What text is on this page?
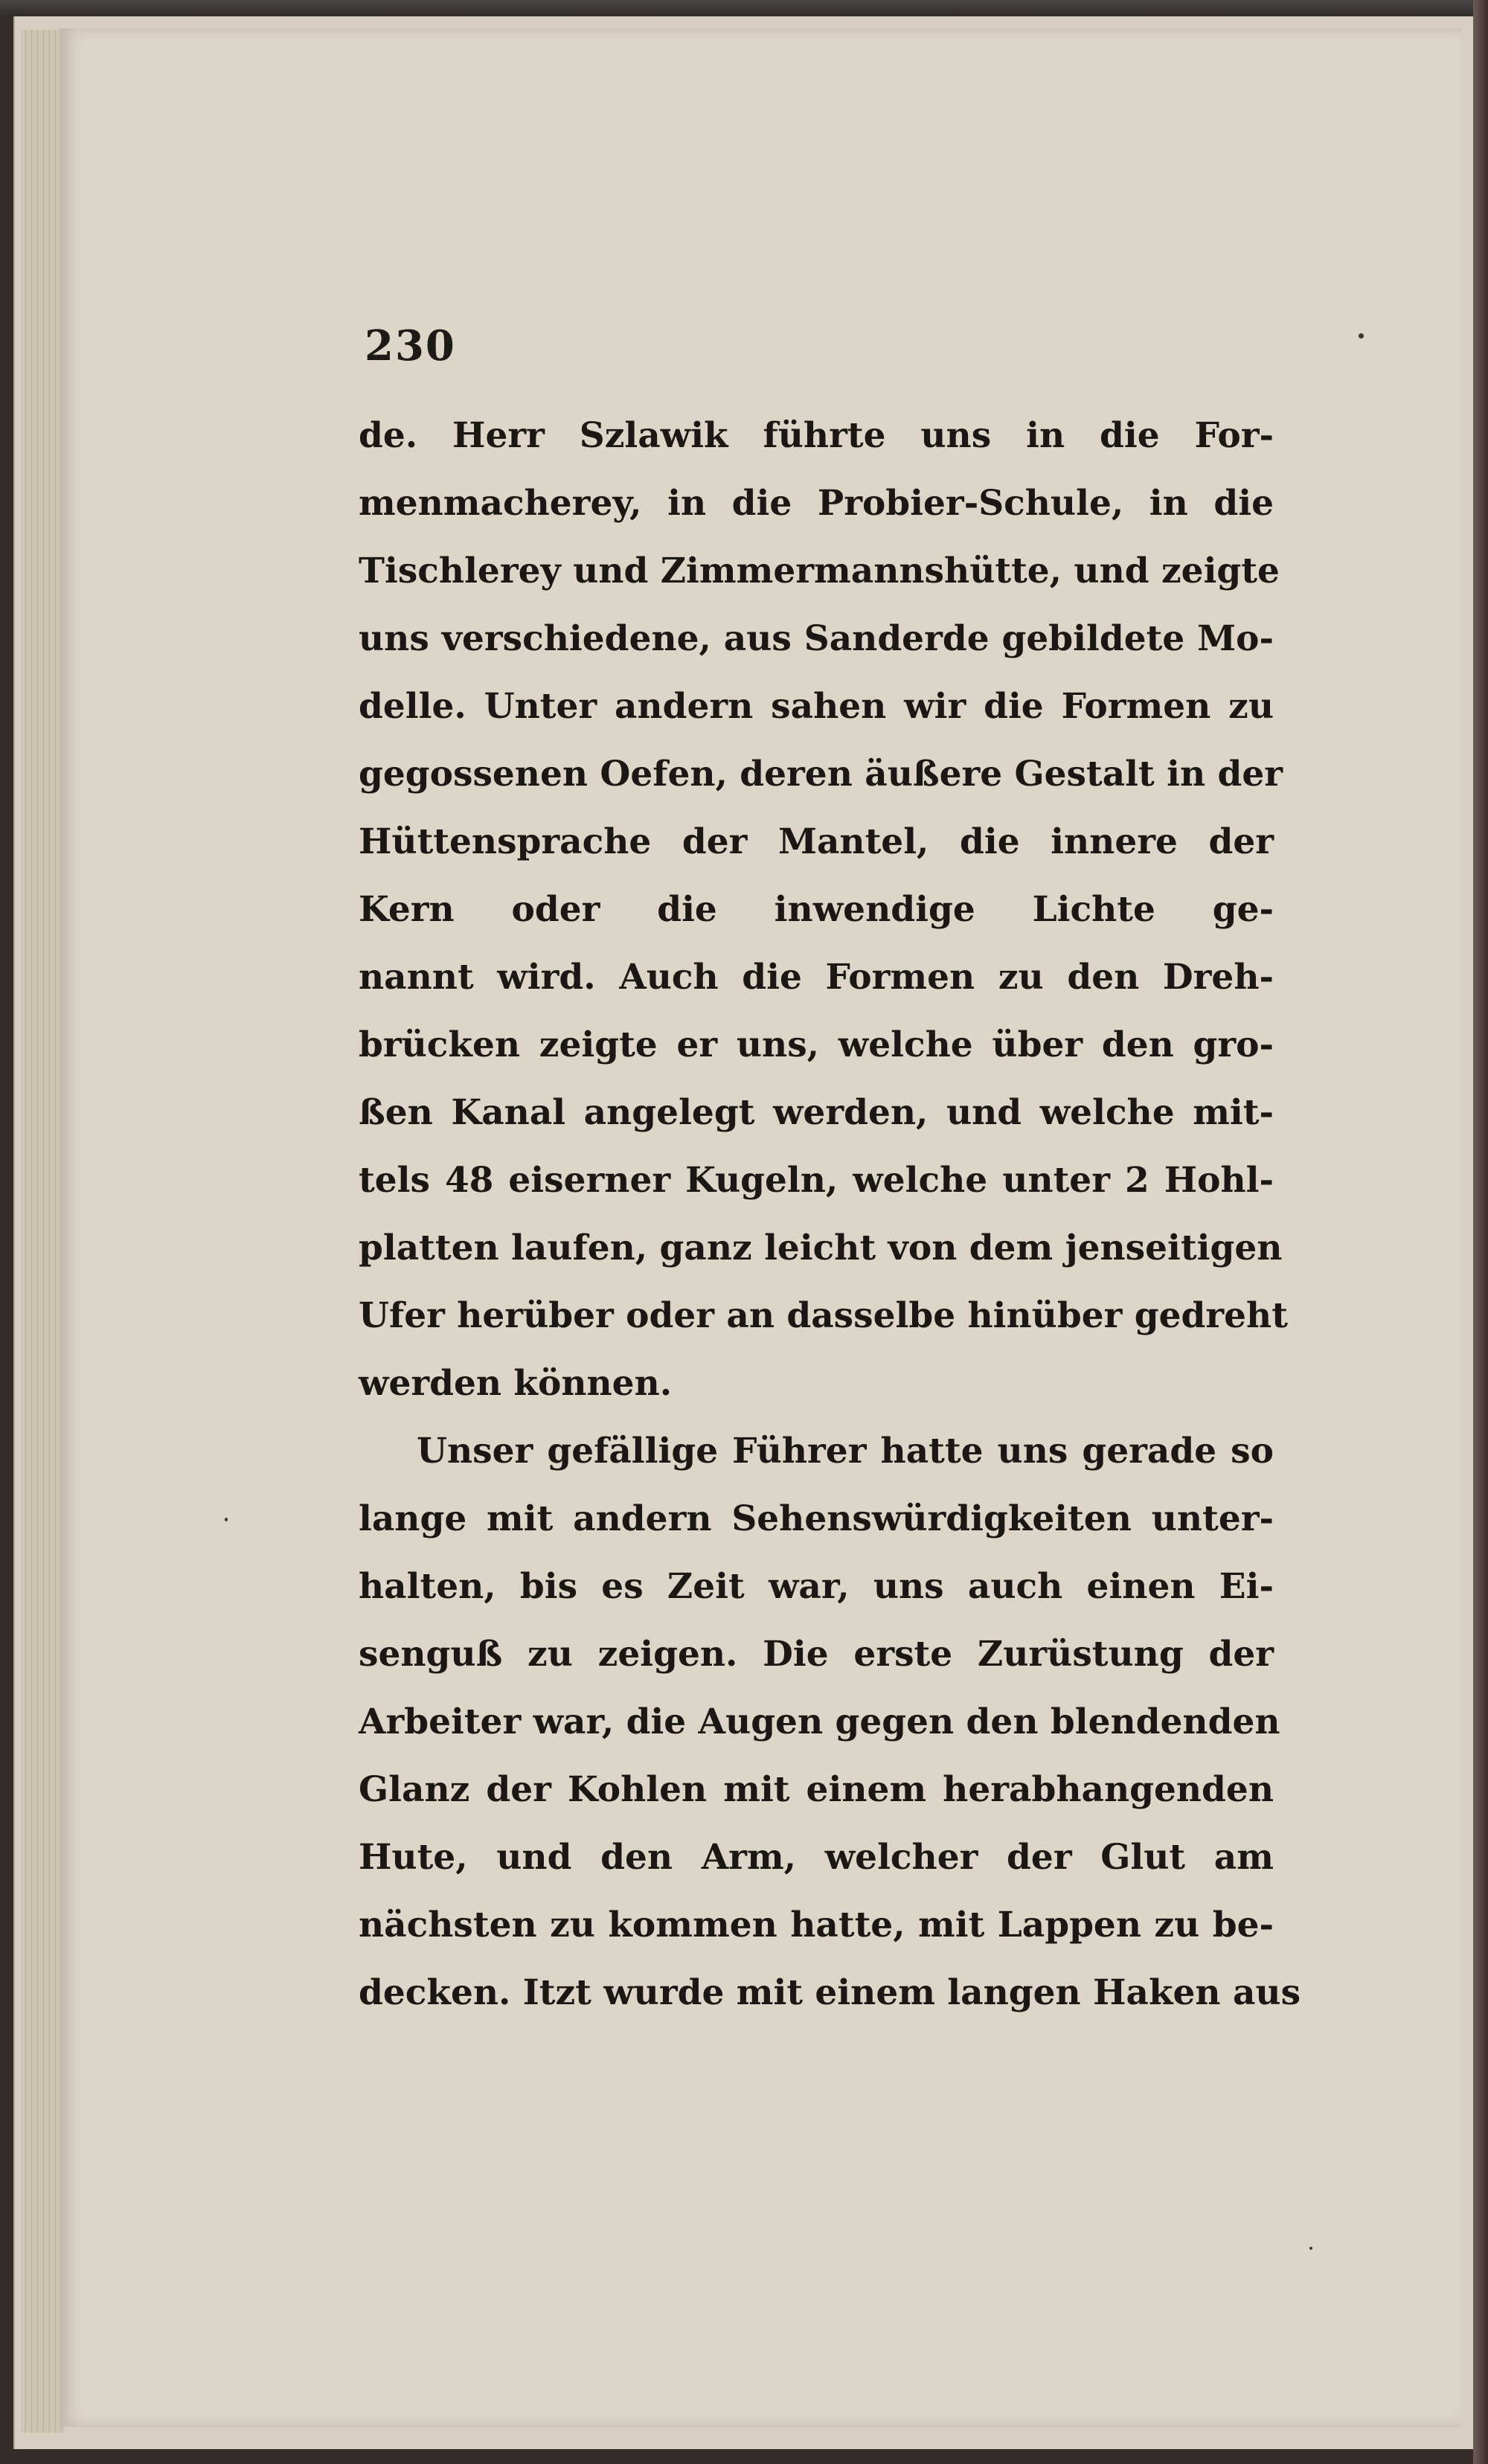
230
de. Herr Szlawik führte uns in die For-
menmacherey, in die Probier-Schule, in die
Tischlerey und Zimmermannshütte, und zeigte
uns verschiedene, aus Sanderde gebildete Mo-
delle. Unter andern sahen wir die Formen zu
gegossenen Oefen, deren äußere Gestalt in der
Hüttensprache der Mantel, die innere der
Kern oder die inwendige Lichte ge-
nannt wird. Auch die Formen zu den Dreh-
brücken zeigte er uns, welche über den gro-
ßen Kanal angelegt werden, und welche mit-
tels 48 eiserner Kugeln, welche unter 2 Hohl-
platten laufen, ganz leicht von dem jenseitigen
Ufer herüber oder an dasselbe hinüber gedreht
werden können.
Unser gefällige Führer hatte uns gerade so
lange mit andern Sehenswürdigkeiten unter-
halten, bis es Zeit war, uns auch einen Ei-
senguß zu zeigen. Die erste Zurüstung der
Arbeiter war, die Augen gegen den blendenden
Glanz der Kohlen mit einem herabhangenden
Hute, und den Arm, welcher der Glut am
nächsten zu kommen hatte, mit Lappen zu be-
decken. Itzt wurde mit einem langen Haken aus
